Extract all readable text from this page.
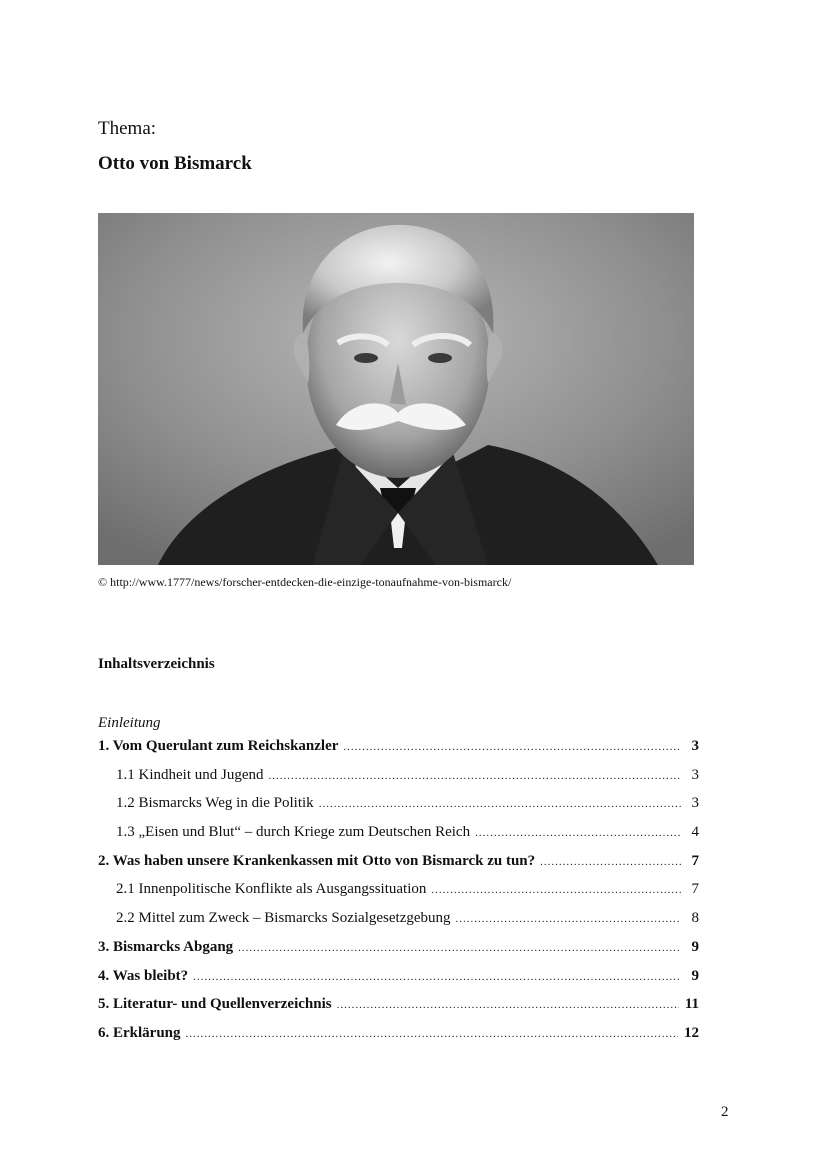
Thema:
Otto von Bismarck
© http://www.1777/news/forscher-entdecken-die-einzige-tonaufnahme-von-bismarck/
Inhaltsverzeichnis
Einleitung
1. Vom Querulant zum Reichskanzler .....	3
1.1 Kindheit und Jugend .....	3
1.2 Bismarcks Weg in die Politik .....	3
1.3 „Eisen und Blut“ – durch Kriege zum Deutschen Reich .....	4
2. Was haben unsere Krankenkassen mit Otto von Bismarck zu tun? .....	7
2.1 Innenpolitische Konflikte als Ausgangssituation .....	7
2.2 Mittel zum Zweck – Bismarcks Sozialgesetzgebung .....	8
3. Bismarcks Abgang .....	9
4. Was bleibt? .....	9
5. Literatur- und Quellenverzeichnis .....	11
6. Erklärung .....	12
2
